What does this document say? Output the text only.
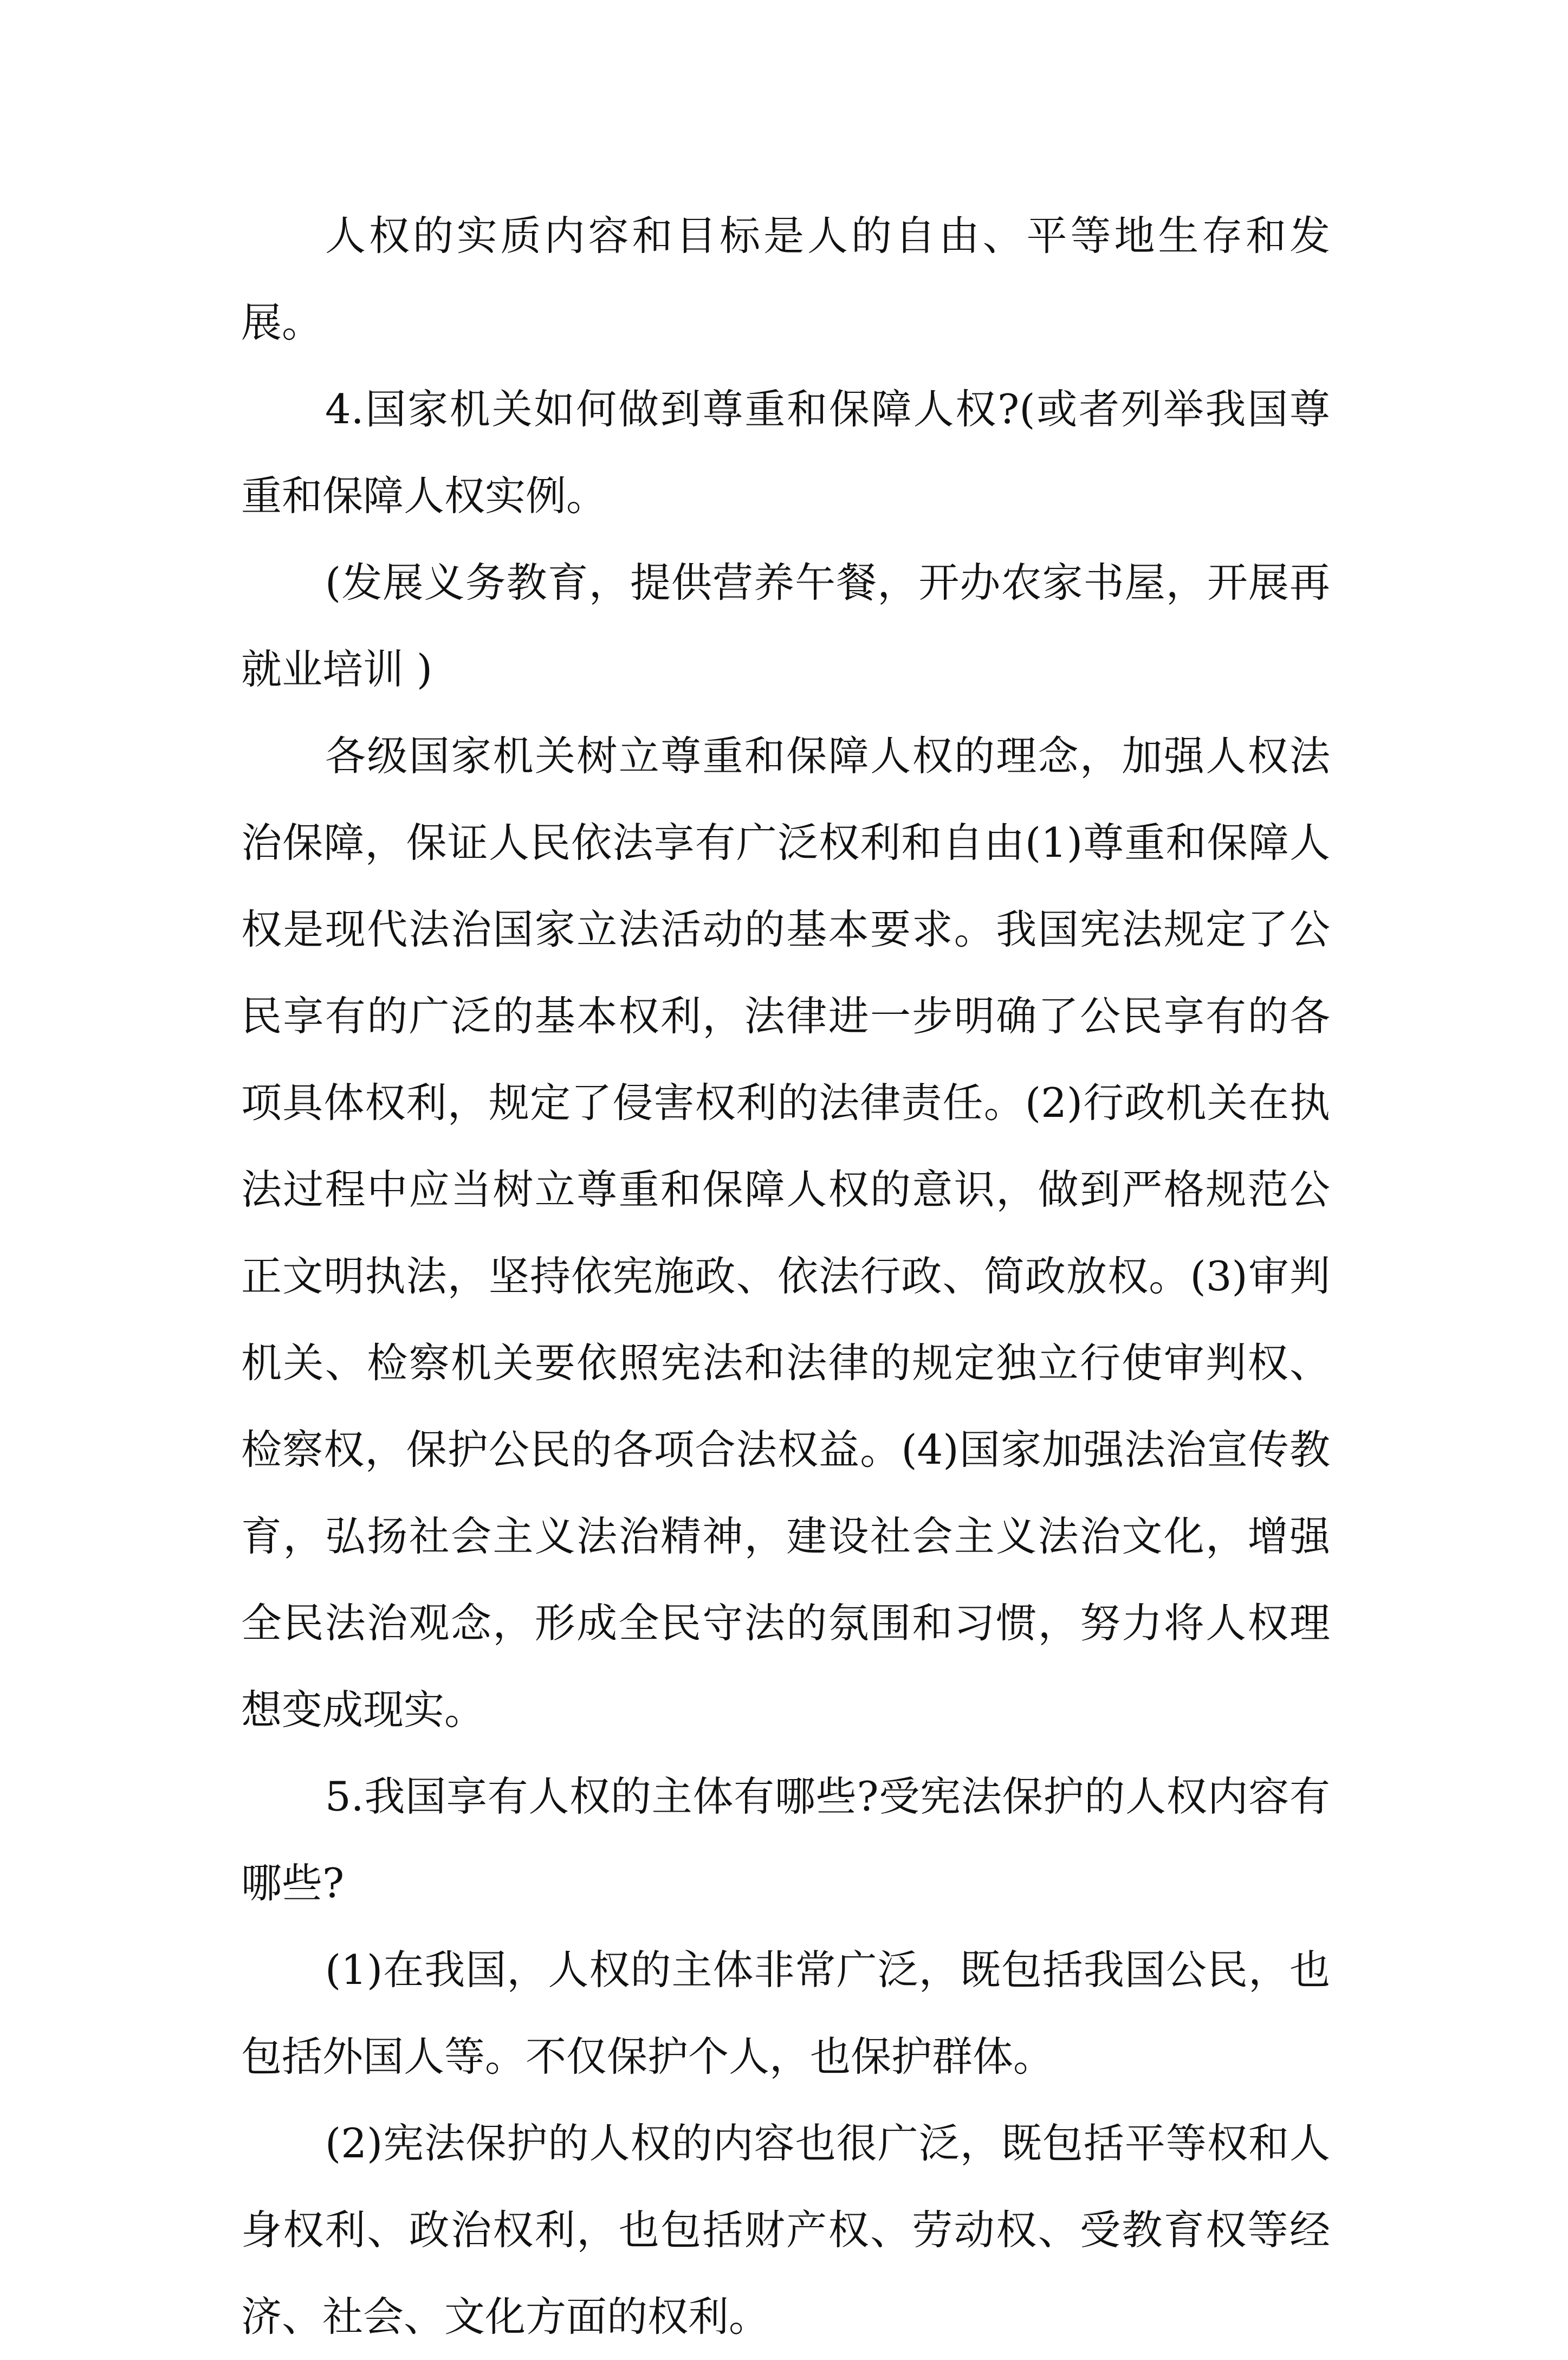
人权的实质内容和目标是人的自由、平等地生存和发展。

4.国家机关如何做到尊重和保障人权?(或者列举我国尊重和保障人权实例。

(发展义务教育，提供营养午餐，开办农家书屋，开展再就业培训 )

各级国家机关树立尊重和保障人权的理念，加强人权法治保障，保证人民依法享有广泛权利和自由(1)尊重和保障人权是现代法治国家立法活动的基本要求。我国宪法规定了公民享有的广泛的基本权利，法律进一步明确了公民享有的各项具体权利，规定了侵害权利的法律责任。(2)行政机关在执法过程中应当树立尊重和保障人权的意识，做到严格规范公正文明执法，坚持依宪施政、依法行政、简政放权。(3)审判机关、检察机关要依照宪法和法律的规定独立行使审判权、检察权，保护公民的各项合法权益。(4)国家加强法治宣传教育，弘扬社会主义法治精神，建设社会主义法治文化，增强全民法治观念，形成全民守法的氛围和习惯，努力将人权理想变成现实。

5.我国享有人权的主体有哪些?受宪法保护的人权内容有哪些?

(1)在我国，人权的主体非常广泛，既包括我国公民，也包括外国人等。不仅保护个人，也保护群体。

(2)宪法保护的人权的内容也很广泛，既包括平等权和人身权利、政治权利，也包括财产权、劳动权、受教育权等经济、社会、文化方面的权利。
